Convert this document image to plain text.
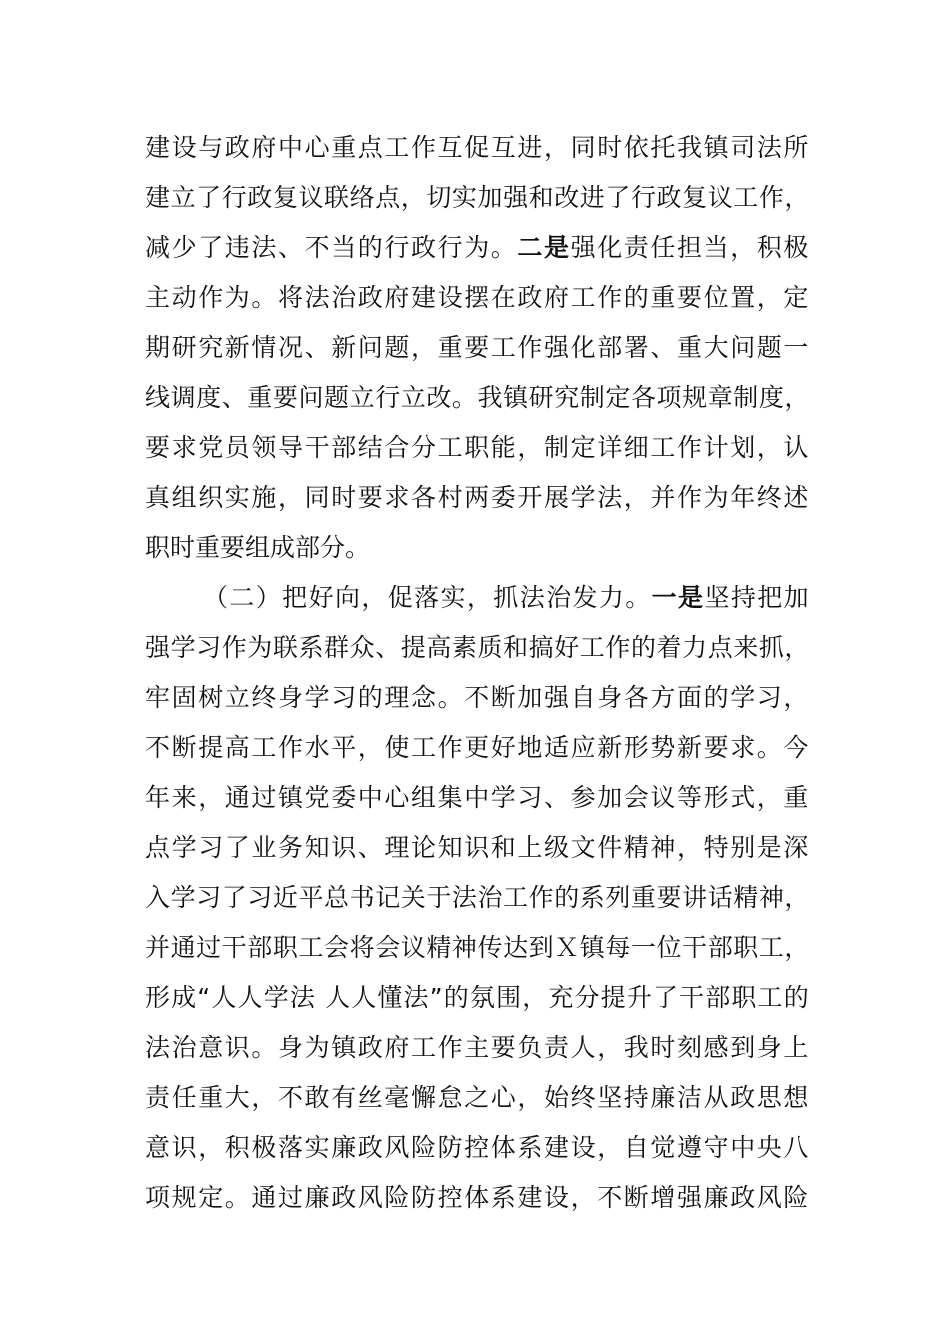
建设与政府中心重点工作互促互进，同时依托我镇司法所
建立了行政复议联络点，切实加强和改进了行政复议工作，
减少了违法、不当的行政行为。二是强化责任担当，积极
主动作为。将法治政府建设摆在政府工作的重要位置，定
期研究新情况、新问题，重要工作强化部署、重大问题一
线调度、重要问题立行立改。我镇研究制定各项规章制度，
要求党员领导干部结合分工职能，制定详细工作计划，认
真组织实施，同时要求各村两委开展学法，并作为年终述
职时重要组成部分。
（二）把好向，促落实，抓法治发力。一是坚持把加
强学习作为联系群众、提高素质和搞好工作的着力点来抓，
牢固树立终身学习的理念。不断加强自身各方面的学习，
不断提高工作水平，使工作更好地适应新形势新要求。今
年来，通过镇党委中心组集中学习、参加会议等形式，重
点学习了业务知识、理论知识和上级文件精神，特别是深
入学习了习近平总书记关于法治工作的系列重要讲话精神，
并通过干部职工会将会议精神传达到Ｘ镇每一位干部职工，
形成“人人学法 人人懂法”的氛围，充分提升了干部职工的
法治意识。身为镇政府工作主要负责人，我时刻感到身上
责任重大，不敢有丝毫懈怠之心，始终坚持廉洁从政思想
意识，积极落实廉政风险防控体系建设，自觉遵守中央八
项规定。通过廉政风险防控体系建设，不断增强廉政风险
